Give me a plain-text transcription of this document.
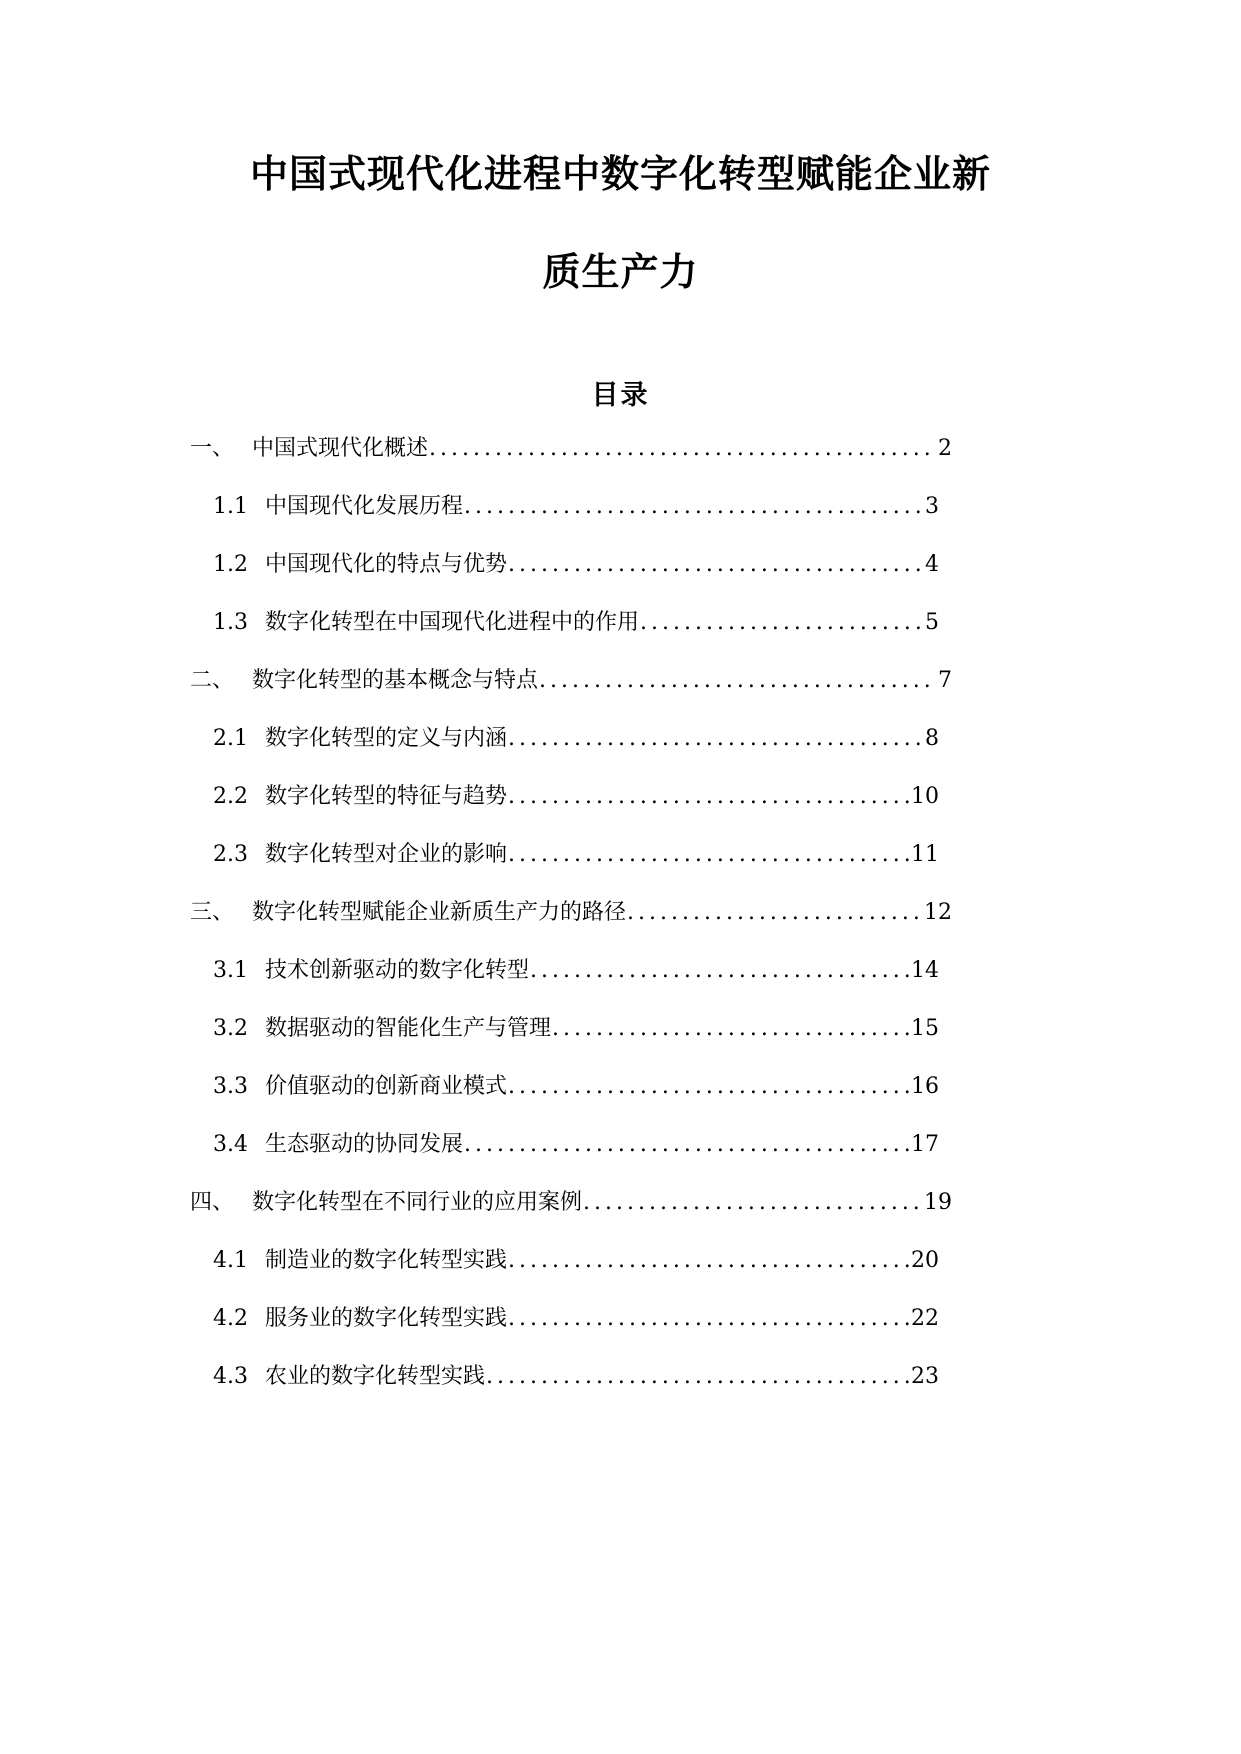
中国式现代化进程中数字化转型赋能企业新
质生产力
目录
一、 中国式现代化概述 .....	2
1.1 中国现代化发展历程 .....	3
1.2 中国现代化的特点与优势 .....	4
1.3 数字化转型在中国现代化进程中的作用 .....	5
二、 数字化转型的基本概念与特点 .....	7
2.1 数字化转型的定义与内涵 .....	8
2.2 数字化转型的特征与趋势 .....	10
2.3 数字化转型对企业的影响 .....	11
三、 数字化转型赋能企业新质生产力的路径 .....	12
3.1 技术创新驱动的数字化转型 .....	14
3.2 数据驱动的智能化生产与管理 .....	15
3.3 价值驱动的创新商业模式 .....	16
3.4 生态驱动的协同发展 .....	17
四、 数字化转型在不同行业的应用案例 .....	19
4.1 制造业的数字化转型实践 .....	20
4.2 服务业的数字化转型实践 .....	22
4.3 农业的数字化转型实践 .....	23
